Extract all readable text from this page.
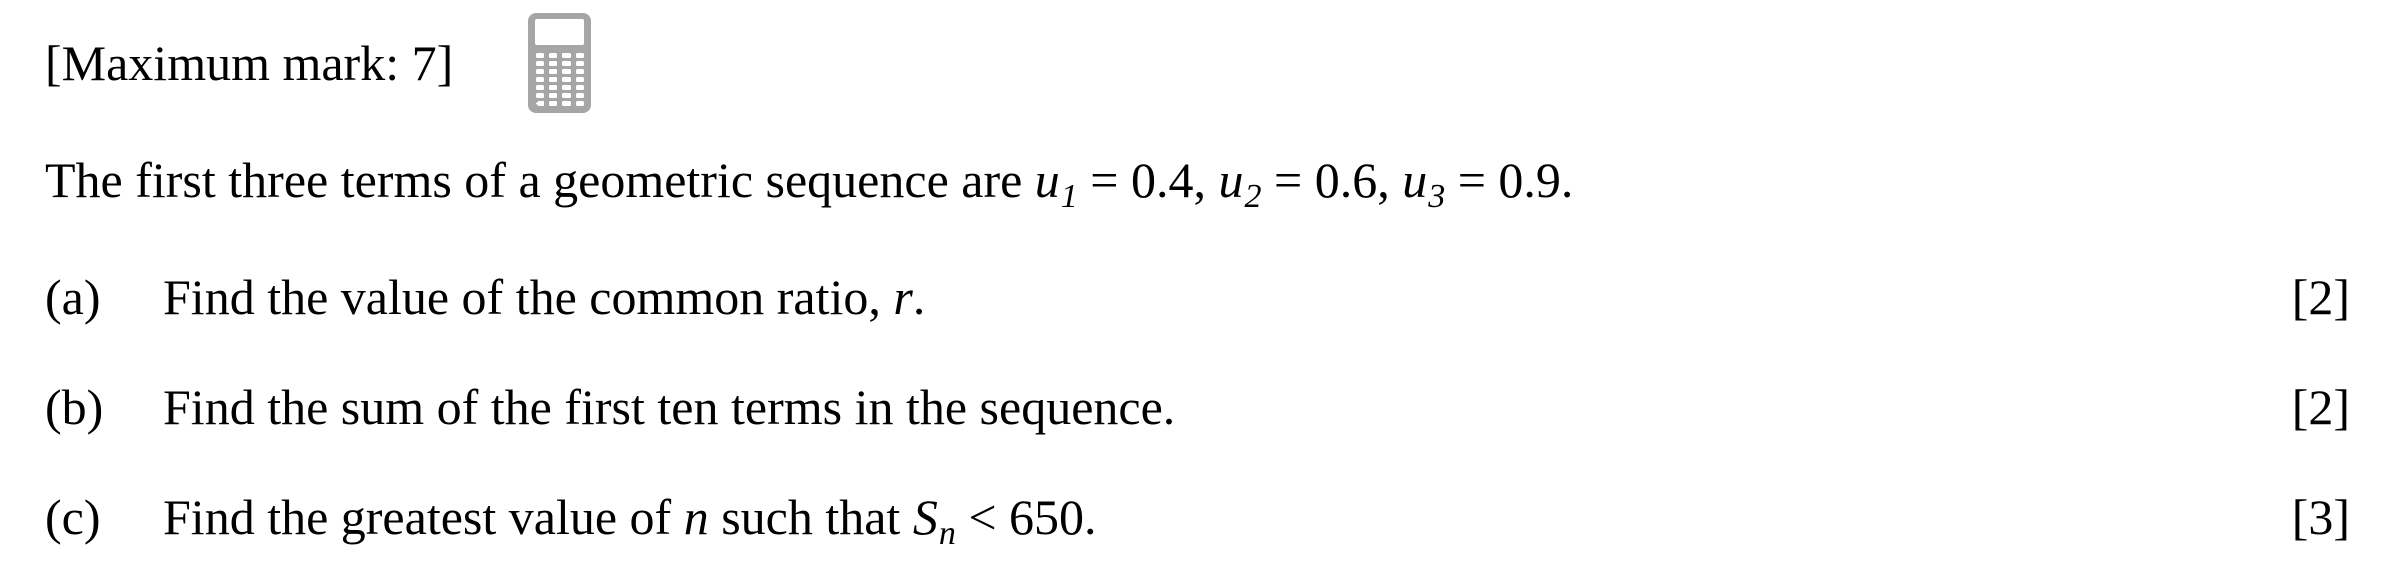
[Maximum mark: 7]
The first three terms of a geometric sequence are $u_1 = 0.4$, $u_2 = 0.6$, $u_3 = 0.9$.
(a)	Find the value of the common ratio, r.	[2]
(b)	Find the sum of the first ten terms in the sequence.	[2]
(c)	Find the greatest value of n such that $S_n < 650$.	[3]
